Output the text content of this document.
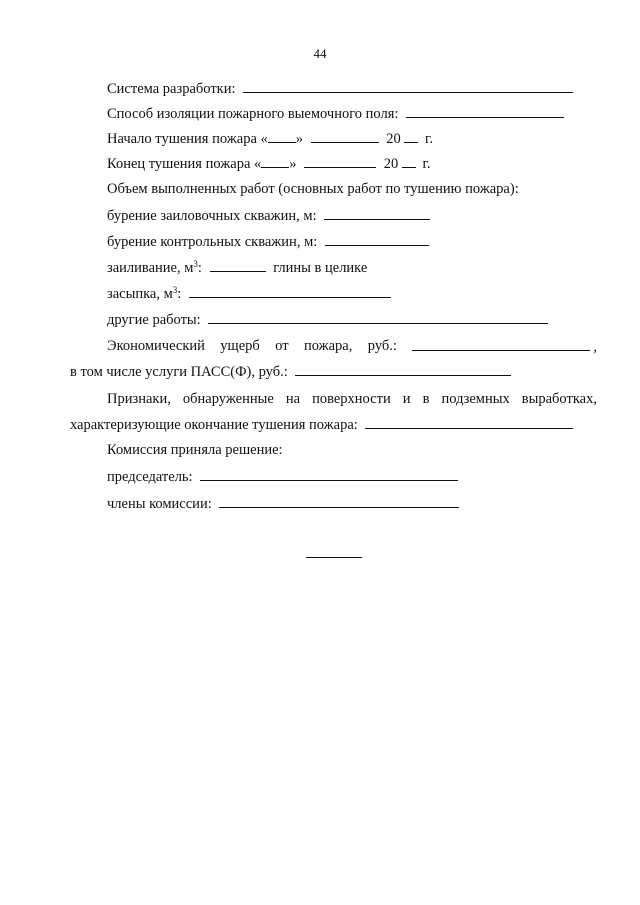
44
Система разработки:
Способ изоляции пожарного выемочного поля:
Начало тушения пожара « »	20 г.
Конец тушения пожара « »	20 г.
Объем выполненных работ (основных работ по тушению пожара):
бурение заиловочных скважин, м:
бурение контрольных скважин, м:
заиливание, $м^3$:	глины в целике
засыпка, $м^3$:
другие работы:
Экономический ущерб от пожара, руб.:	,
в том числе услуги ПАСС(Ф), руб.:
Признаки, обнаруженные на поверхности и в подземных выработках,
характеризующие окончание тушения пожара:
Комиссия приняла решение:
председатель:
члены комиссии:
